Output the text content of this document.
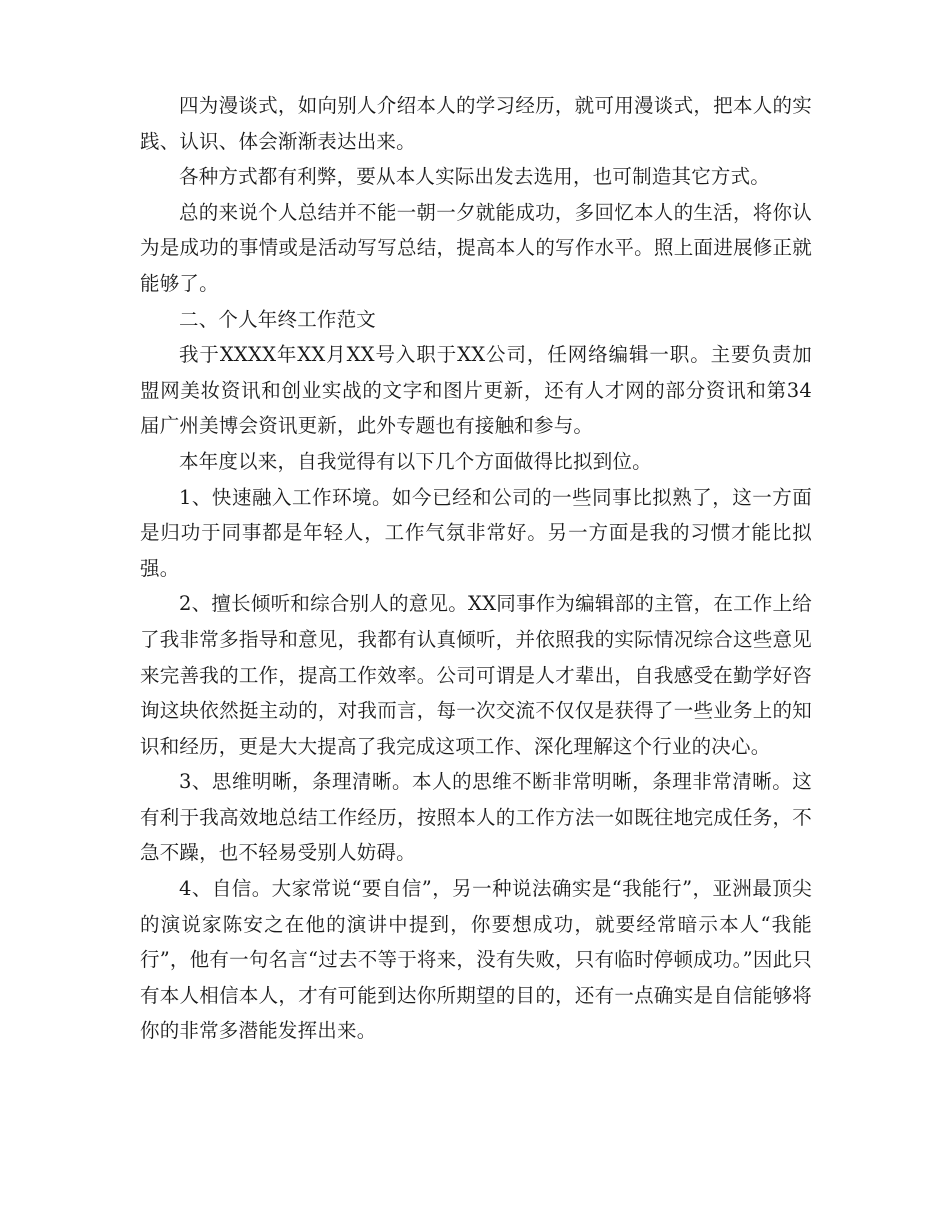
四为漫谈式，如向别人介绍本人的学习经历，就可用漫谈式，把本人的实践、认识、体会渐渐表达出来。

各种方式都有利弊，要从本人实际出发去选用，也可制造其它方式。

总的来说个人总结并不能一朝一夕就能成功，多回忆本人的生活，将你认为是成功的事情或是活动写写总结，提高本人的写作水平。照上面进展修正就能够了。

二、个人年终工作范文

我于XXXX年XX月XX号入职于XX公司，任网络编辑一职。主要负责加盟网美妆资讯和创业实战的文字和图片更新，还有人才网的部分资讯和第34届广州美博会资讯更新，此外专题也有接触和参与。

本年度以来，自我觉得有以下几个方面做得比拟到位。

1、快速融入工作环境。如今已经和公司的一些同事比拟熟了，这一方面是归功于同事都是年轻人，工作气氛非常好。另一方面是我的习惯才能比拟强。

2、擅长倾听和综合别人的意见。XX同事作为编辑部的主管，在工作上给了我非常多指导和意见，我都有认真倾听，并依照我的实际情况综合这些意见来完善我的工作，提高工作效率。公司可谓是人才辈出，自我感受在勤学好咨询这块依然挺主动的，对我而言，每一次交流不仅仅是获得了一些业务上的知识和经历，更是大大提高了我完成这项工作、深化理解这个行业的决心。

3、思维明晰，条理清晰。本人的思维不断非常明晰，条理非常清晰。这有利于我高效地总结工作经历，按照本人的工作方法一如既往地完成任务，不急不躁，也不轻易受别人妨碍。

4、自信。大家常说“要自信”，另一种说法确实是“我能行”，亚洲最顶尖的演说家陈安之在他的演讲中提到，你要想成功，就要经常暗示本人“我能行”，他有一句名言“过去不等于将来，没有失败，只有临时停顿成功。”因此只有本人相信本人，才有可能到达你所期望的目的，还有一点确实是自信能够将你的非常多潜能发挥出来。
